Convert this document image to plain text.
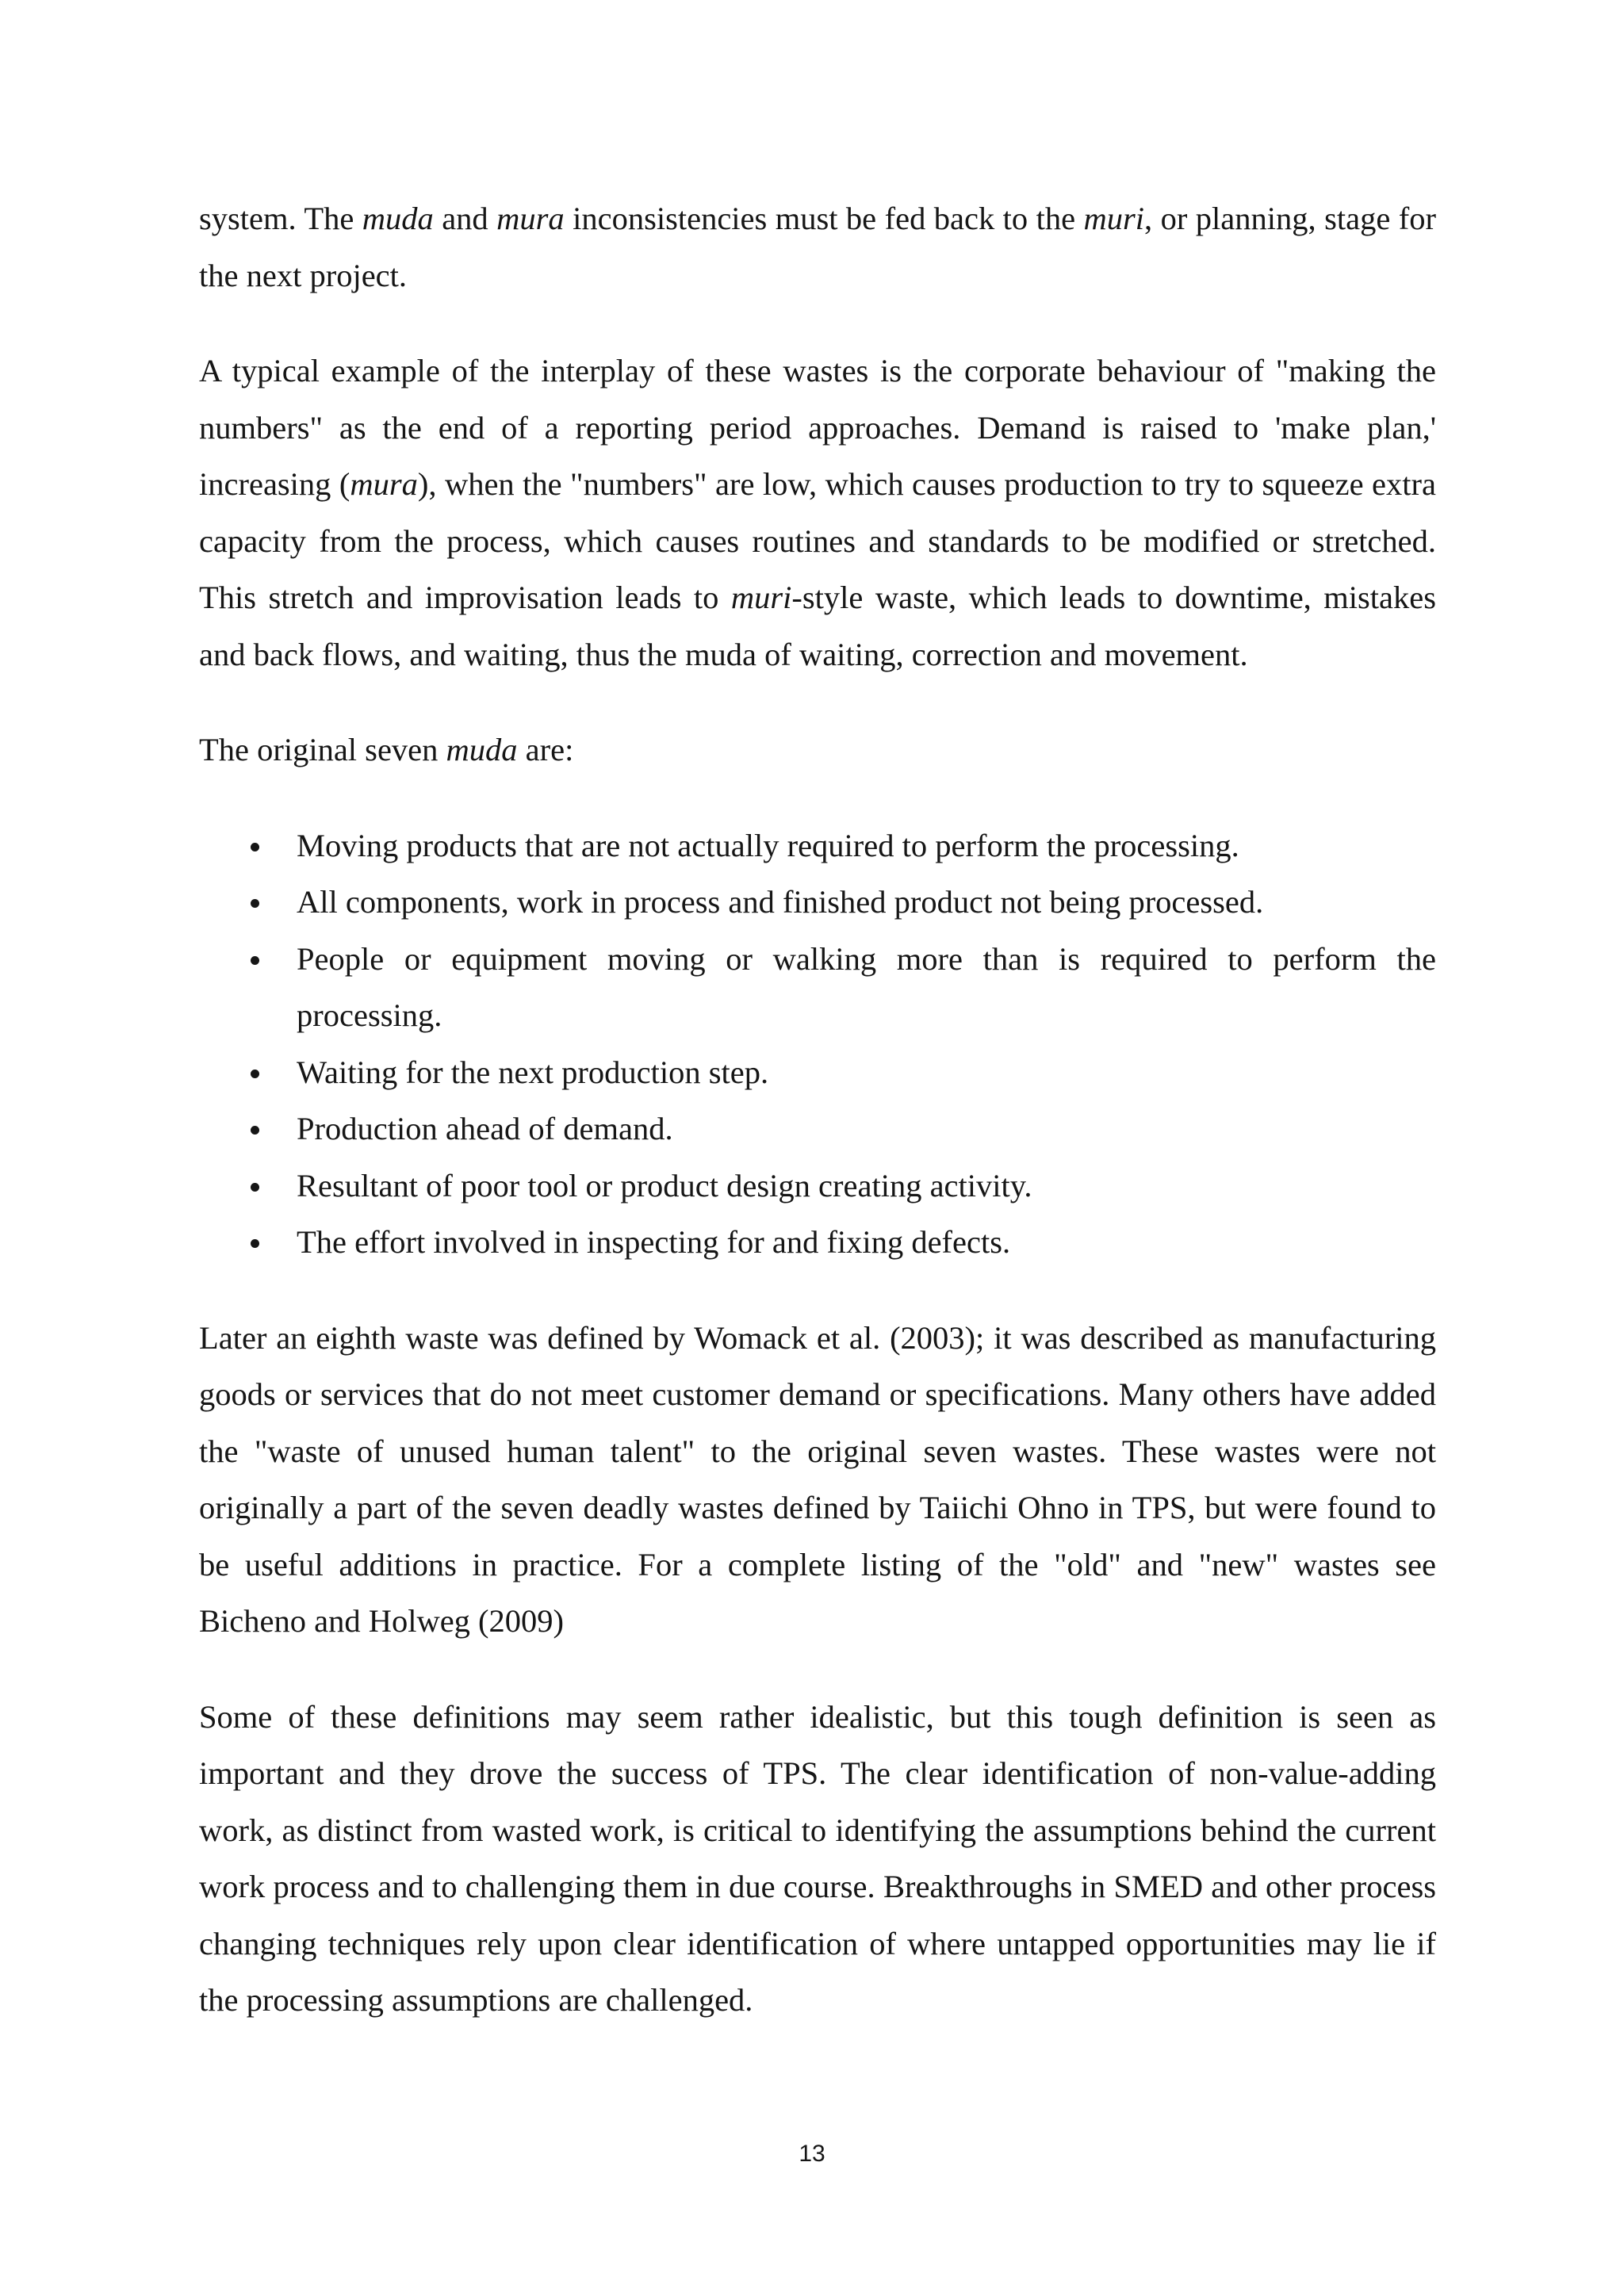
system. The muda and mura inconsistencies must be fed back to the muri, or planning, stage for the next project.

A typical example of the interplay of these wastes is the corporate behaviour of "making the numbers" as the end of a reporting period approaches. Demand is raised to 'make plan,' increasing (mura), when the "numbers" are low, which causes production to try to squeeze extra capacity from the process, which causes routines and standards to be modified or stretched. This stretch and improvisation leads to muri-style waste, which leads to downtime, mistakes and back flows, and waiting, thus the muda of waiting, correction and movement.

The original seven muda are:

Moving products that are not actually required to perform the processing.
All components, work in process and finished product not being processed.
People or equipment moving or walking more than is required to perform the processing.
Waiting for the next production step.
Production ahead of demand.
Resultant of poor tool or product design creating activity.
The effort involved in inspecting for and fixing defects.

Later an eighth waste was defined by Womack et al. (2003); it was described as manufacturing goods or services that do not meet customer demand or specifications. Many others have added the "waste of unused human talent" to the original seven wastes. These wastes were not originally a part of the seven deadly wastes defined by Taiichi Ohno in TPS, but were found to be useful additions in practice. For a complete listing of the "old" and "new" wastes see Bicheno and Holweg (2009)

Some of these definitions may seem rather idealistic, but this tough definition is seen as important and they drove the success of TPS. The clear identification of non-value-adding work, as distinct from wasted work, is critical to identifying the assumptions behind the current work process and to challenging them in due course. Breakthroughs in SMED and other process changing techniques rely upon clear identification of where untapped opportunities may lie if the processing assumptions are challenged.

13
